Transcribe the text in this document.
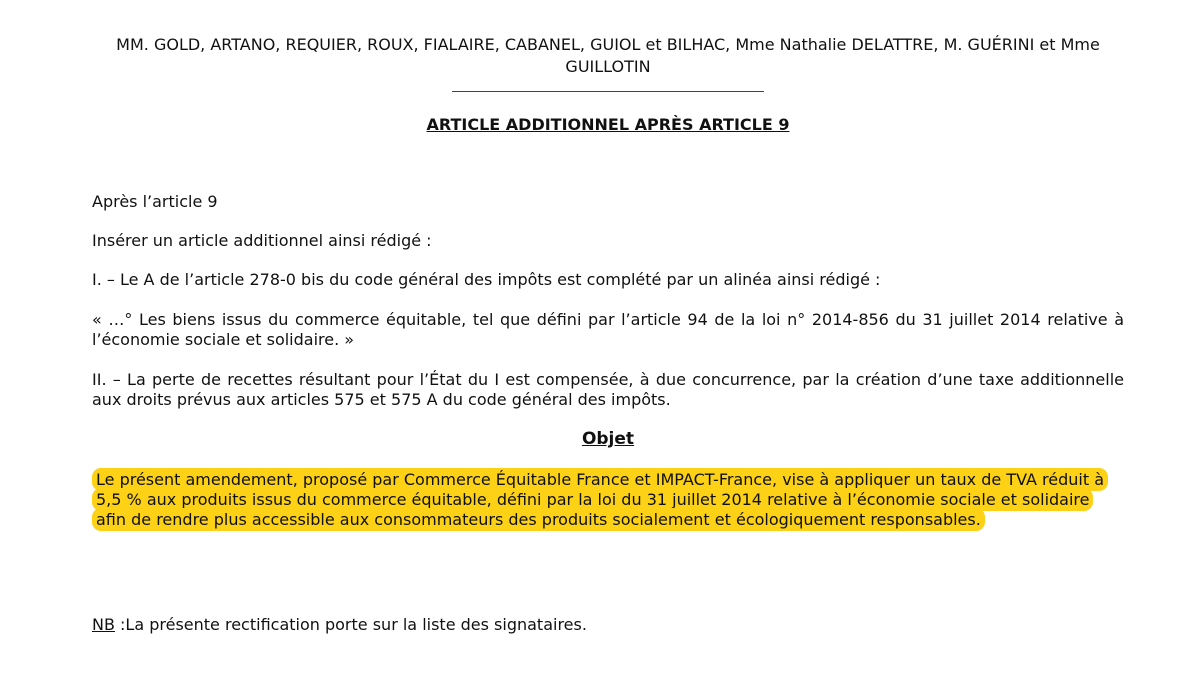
MM. GOLD, ARTANO, REQUIER, ROUX, FIALAIRE, CABANEL, GUIOL et BILHAC, Mme Nathalie DELATTRE, M. GUÉRINI et Mme GUILLOTIN
ARTICLE ADDITIONNEL APRÈS ARTICLE 9

Après l’article 9

Insérer un article additionnel ainsi rédigé :

I. – Le A de l’article 278-0 bis du code général des impôts est complété par un alinéa ainsi rédigé :

« …° Les biens issus du commerce équitable, tel que défini par l’article 94 de la loi n° 2014-856 du 31 juillet 2014 relative à l’économie sociale et solidaire. »

II. – La perte de recettes résultant pour l’État du I est compensée, à due concurrence, par la création d’une taxe additionnelle aux droits prévus aux articles 575 et 575 A du code général des impôts.

Objet

Le présent amendement, proposé par Commerce Équitable France et IMPACT-France, vise à appliquer un taux de TVA réduit à 5,5 % aux produits issus du commerce équitable, défini par la loi du 31 juillet 2014 relative à l’économie sociale et solidaire afin de rendre plus accessible aux consommateurs des produits socialement et écologiquement responsables.

NB :La présente rectification porte sur la liste des signataires.
